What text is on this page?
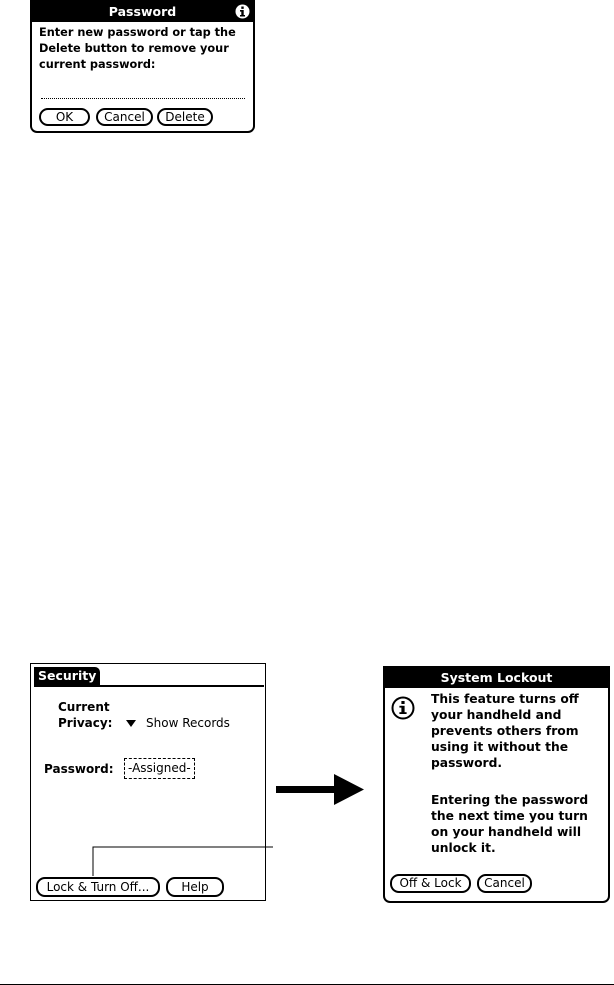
Password
Enter new password or tap the Delete button to remove your current password:
OK	Cancel	Delete
Security
Current
Privacy:	Show Records
Password:	-Assigned-
Lock & Turn Off...	Help
System Lockout
This feature turns off your handheld and prevents others from using it without the password.
Entering the password the next time you turn on your handheld will unlock it.
Off & Lock	Cancel
